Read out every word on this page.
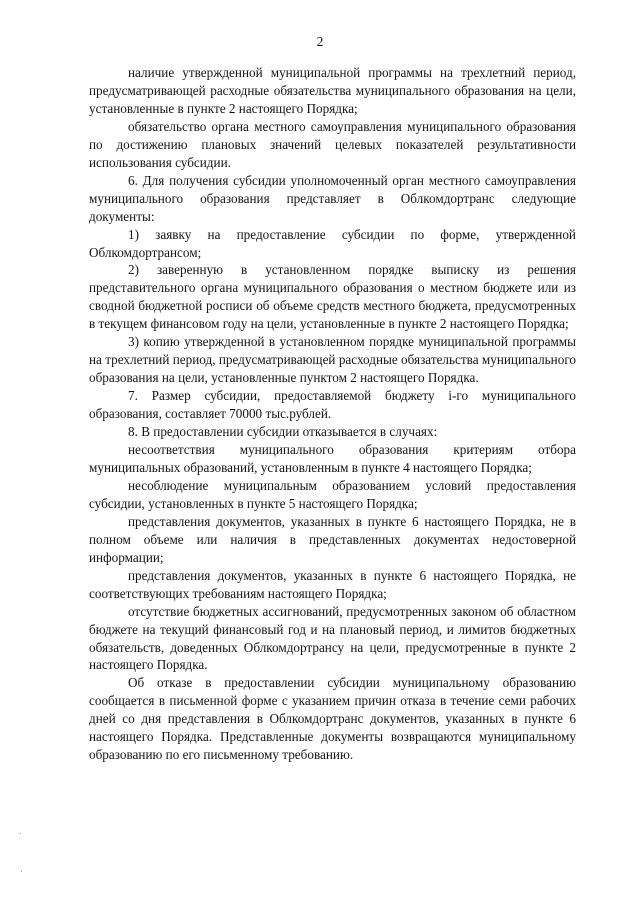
2

наличие утвержденной муниципальной программы на трехлетний период, предусматривающей расходные обязательства муниципального образования на цели, установленные в пункте 2 настоящего Порядка;

обязательство органа местного самоуправления муниципального образования по достижению плановых значений целевых показателей результативности использования субсидии.

6. Для получения субсидии уполномоченный орган местного самоуправления муниципального образования представляет в Облкомдортранс следующие документы:

1) заявку на предоставление субсидии по форме, утвержденной Облкомдортрансом;

2) заверенную в установленном порядке выписку из решения представительного органа муниципального образования о местном бюджете или из сводной бюджетной росписи об объеме средств местного бюджета, предусмотренных в текущем финансовом году на цели, установленные в пункте 2 настоящего Порядка;

3) копию утвержденной в установленном порядке муниципальной программы на трехлетний период, предусматривающей расходные обязательства муниципального образования на цели, установленные пунктом 2 настоящего Порядка.

7. Размер субсидии, предоставляемой бюджету i-го муниципального образования, составляет 70000 тыс.рублей.

8. В предоставлении субсидии отказывается в случаях:

несоответствия муниципального образования критериям отбора муниципальных образований, установленным в пункте 4 настоящего Порядка;

несоблюдение муниципальным образованием условий предоставления субсидии, установленных в пункте 5 настоящего Порядка;

представления документов, указанных в пункте 6 настоящего Порядка, не в полном объеме или наличия в представленных документах недостоверной информации;

представления документов, указанных в пункте 6 настоящего Порядка, не соответствующих требованиям настоящего Порядка;

отсутствие бюджетных ассигнований, предусмотренных законом об областном бюджете на текущий финансовый год и на плановый период, и лимитов бюджетных обязательств, доведенных Облкомдортрансу на цели, предусмотренные в пункте 2 настоящего Порядка.

Об отказе в предоставлении субсидии муниципальному образованию сообщается в письменной форме с указанием причин отказа в течение семи рабочих дней со дня представления в Облкомдортранс документов, указанных в пункте 6 настоящего Порядка. Представленные документы возвращаются муниципальному образованию по его письменному требованию.
